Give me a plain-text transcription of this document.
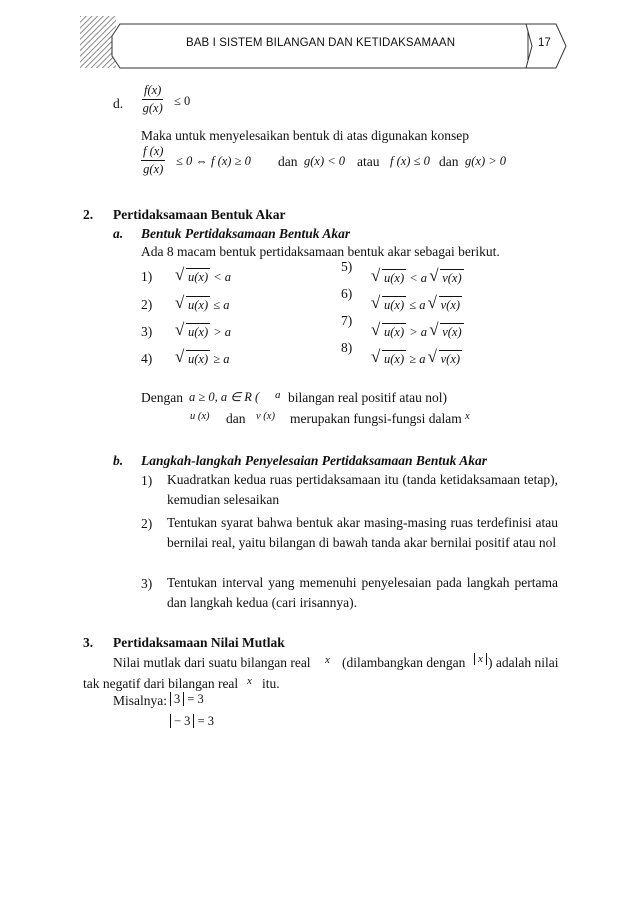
BAB I SISTEM BILANGAN DAN KETIDAKSAMAAN	17
d. $\frac{f(x)}{g(x)} \le 0$
Maka untuk menyelesaikan bentuk di atas digunakan konsep
$\frac{f (x)}{g(x)} \le 0$ ⇔ f (x) ≥ 0 dan g(x) < 0 atau f (x) ≤ 0 dan g(x) > 0
2. Pertidaksamaan Bentuk Akar
a. Bentuk Pertidaksamaan Bentuk Akar
Ada 8 macam bentuk pertidaksamaan bentuk akar sebagai berikut.
1)	√ u(x) < a
2)	√ u(x) ≤ a
3)	√ u(x) > a
4)	√ u(x) ≥ a
5)
√ u(x) < a √ v(x)
6)
√ u(x) ≤ a √ v(x)
7)
√ u(x) > a √ v(x)
8)
√ u(x) ≥ a √ v(x)
Dengan a ≥ 0, a ∈ R ( a bilangan real positif atau nol)
u (x) dan v (x) merupakan fungsi-fungsi dalam x
b. Langkah-langkah Penyelesaian Pertidaksamaan Bentuk Akar
1) Kuadratkan kedua ruas pertidaksamaan itu (tanda ketidaksamaan tetap), kemudian selesaikan

2) Tentukan syarat bahwa bentuk akar masing-masing ruas terdefinisi atau bernilai real, yaitu bilangan di bawah tanda akar bernilai positif atau nol

3) Tentukan interval yang memenuhi penyelesaian pada langkah pertama dan langkah kedua (cari irisannya).

3. Pertidaksamaan Nilai Mutlak
Nilai mutlak dari suatu bilangan real x (dilambangkan dengan	x ) adalah nilai
tak negatif dari bilangan real x itu.
Misalnya: 3 = 3
− 3 = 3
